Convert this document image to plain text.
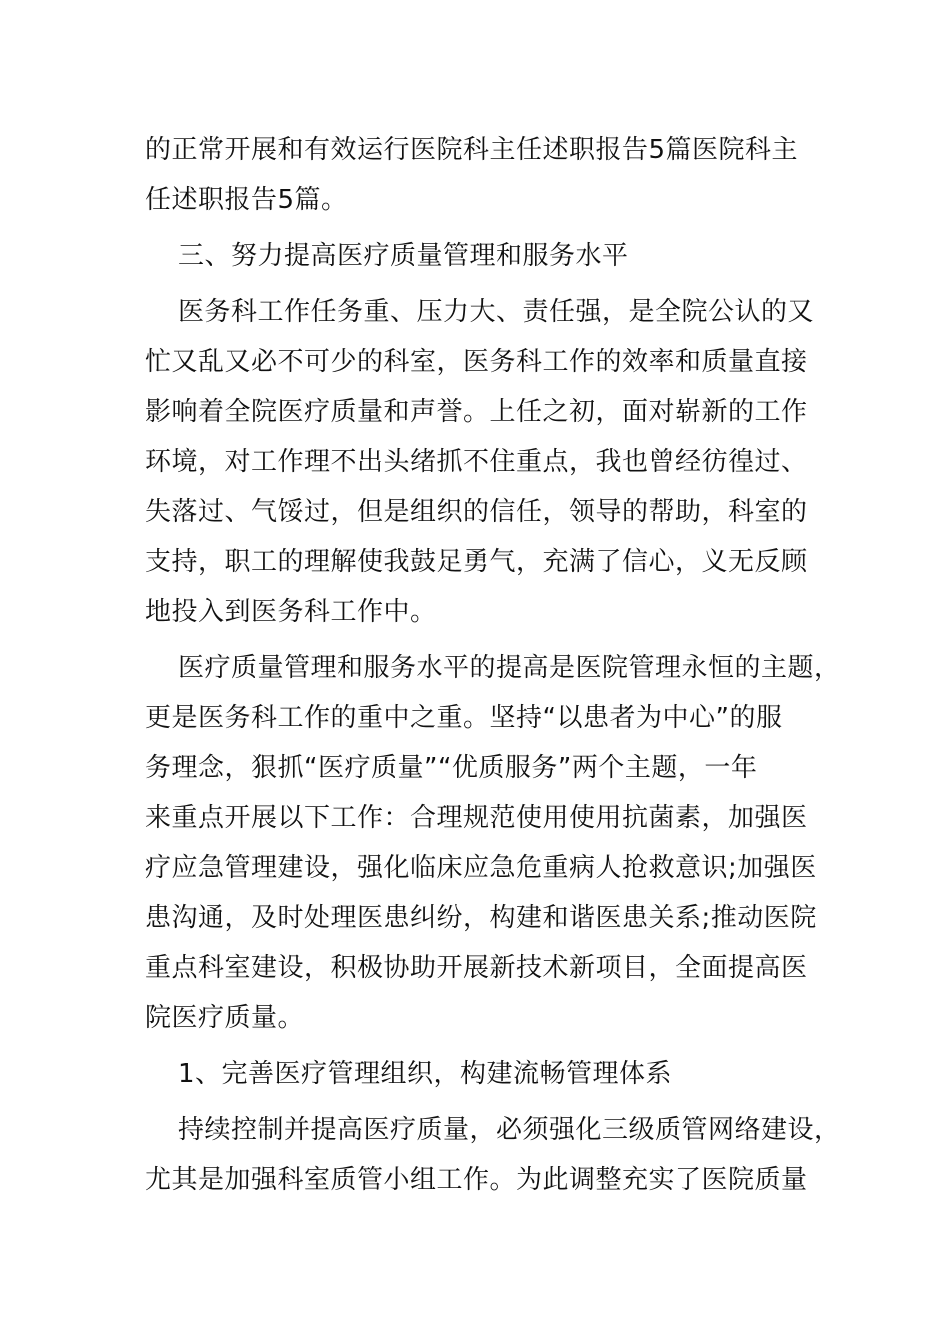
的正常开展和有效运行医院科主任述职报告5篇医院科主
任述职报告5篇。
三、努力提高医疗质量管理和服务水平
医务科工作任务重、压力大、责任强，是全院公认的又
忙又乱又必不可少的科室，医务科工作的效率和质量直接
影响着全院医疗质量和声誉。上任之初，面对崭新的工作
环境，对工作理不出头绪抓不住重点，我也曾经彷徨过、
失落过、气馁过，但是组织的信任，领导的帮助，科室的
支持，职工的理解使我鼓足勇气，充满了信心，义无反顾
地投入到医务科工作中。
医疗质量管理和服务水平的提高是医院管理永恒的主题，
更是医务科工作的重中之重。坚持“以患者为中心”的服
务理念，狠抓“医疗质量”“优质服务”两个主题，一年
来重点开展以下工作：合理规范使用使用抗菌素，加强医
疗应急管理建设，强化临床应急危重病人抢救意识;加强医
患沟通，及时处理医患纠纷，构建和谐医患关系;推动医院
重点科室建设，积极协助开展新技术新项目，全面提高医
院医疗质量。
1、完善医疗管理组织，构建流畅管理体系
持续控制并提高医疗质量，必须强化三级质管网络建设，
尤其是加强科室质管小组工作。为此调整充实了医院质量
